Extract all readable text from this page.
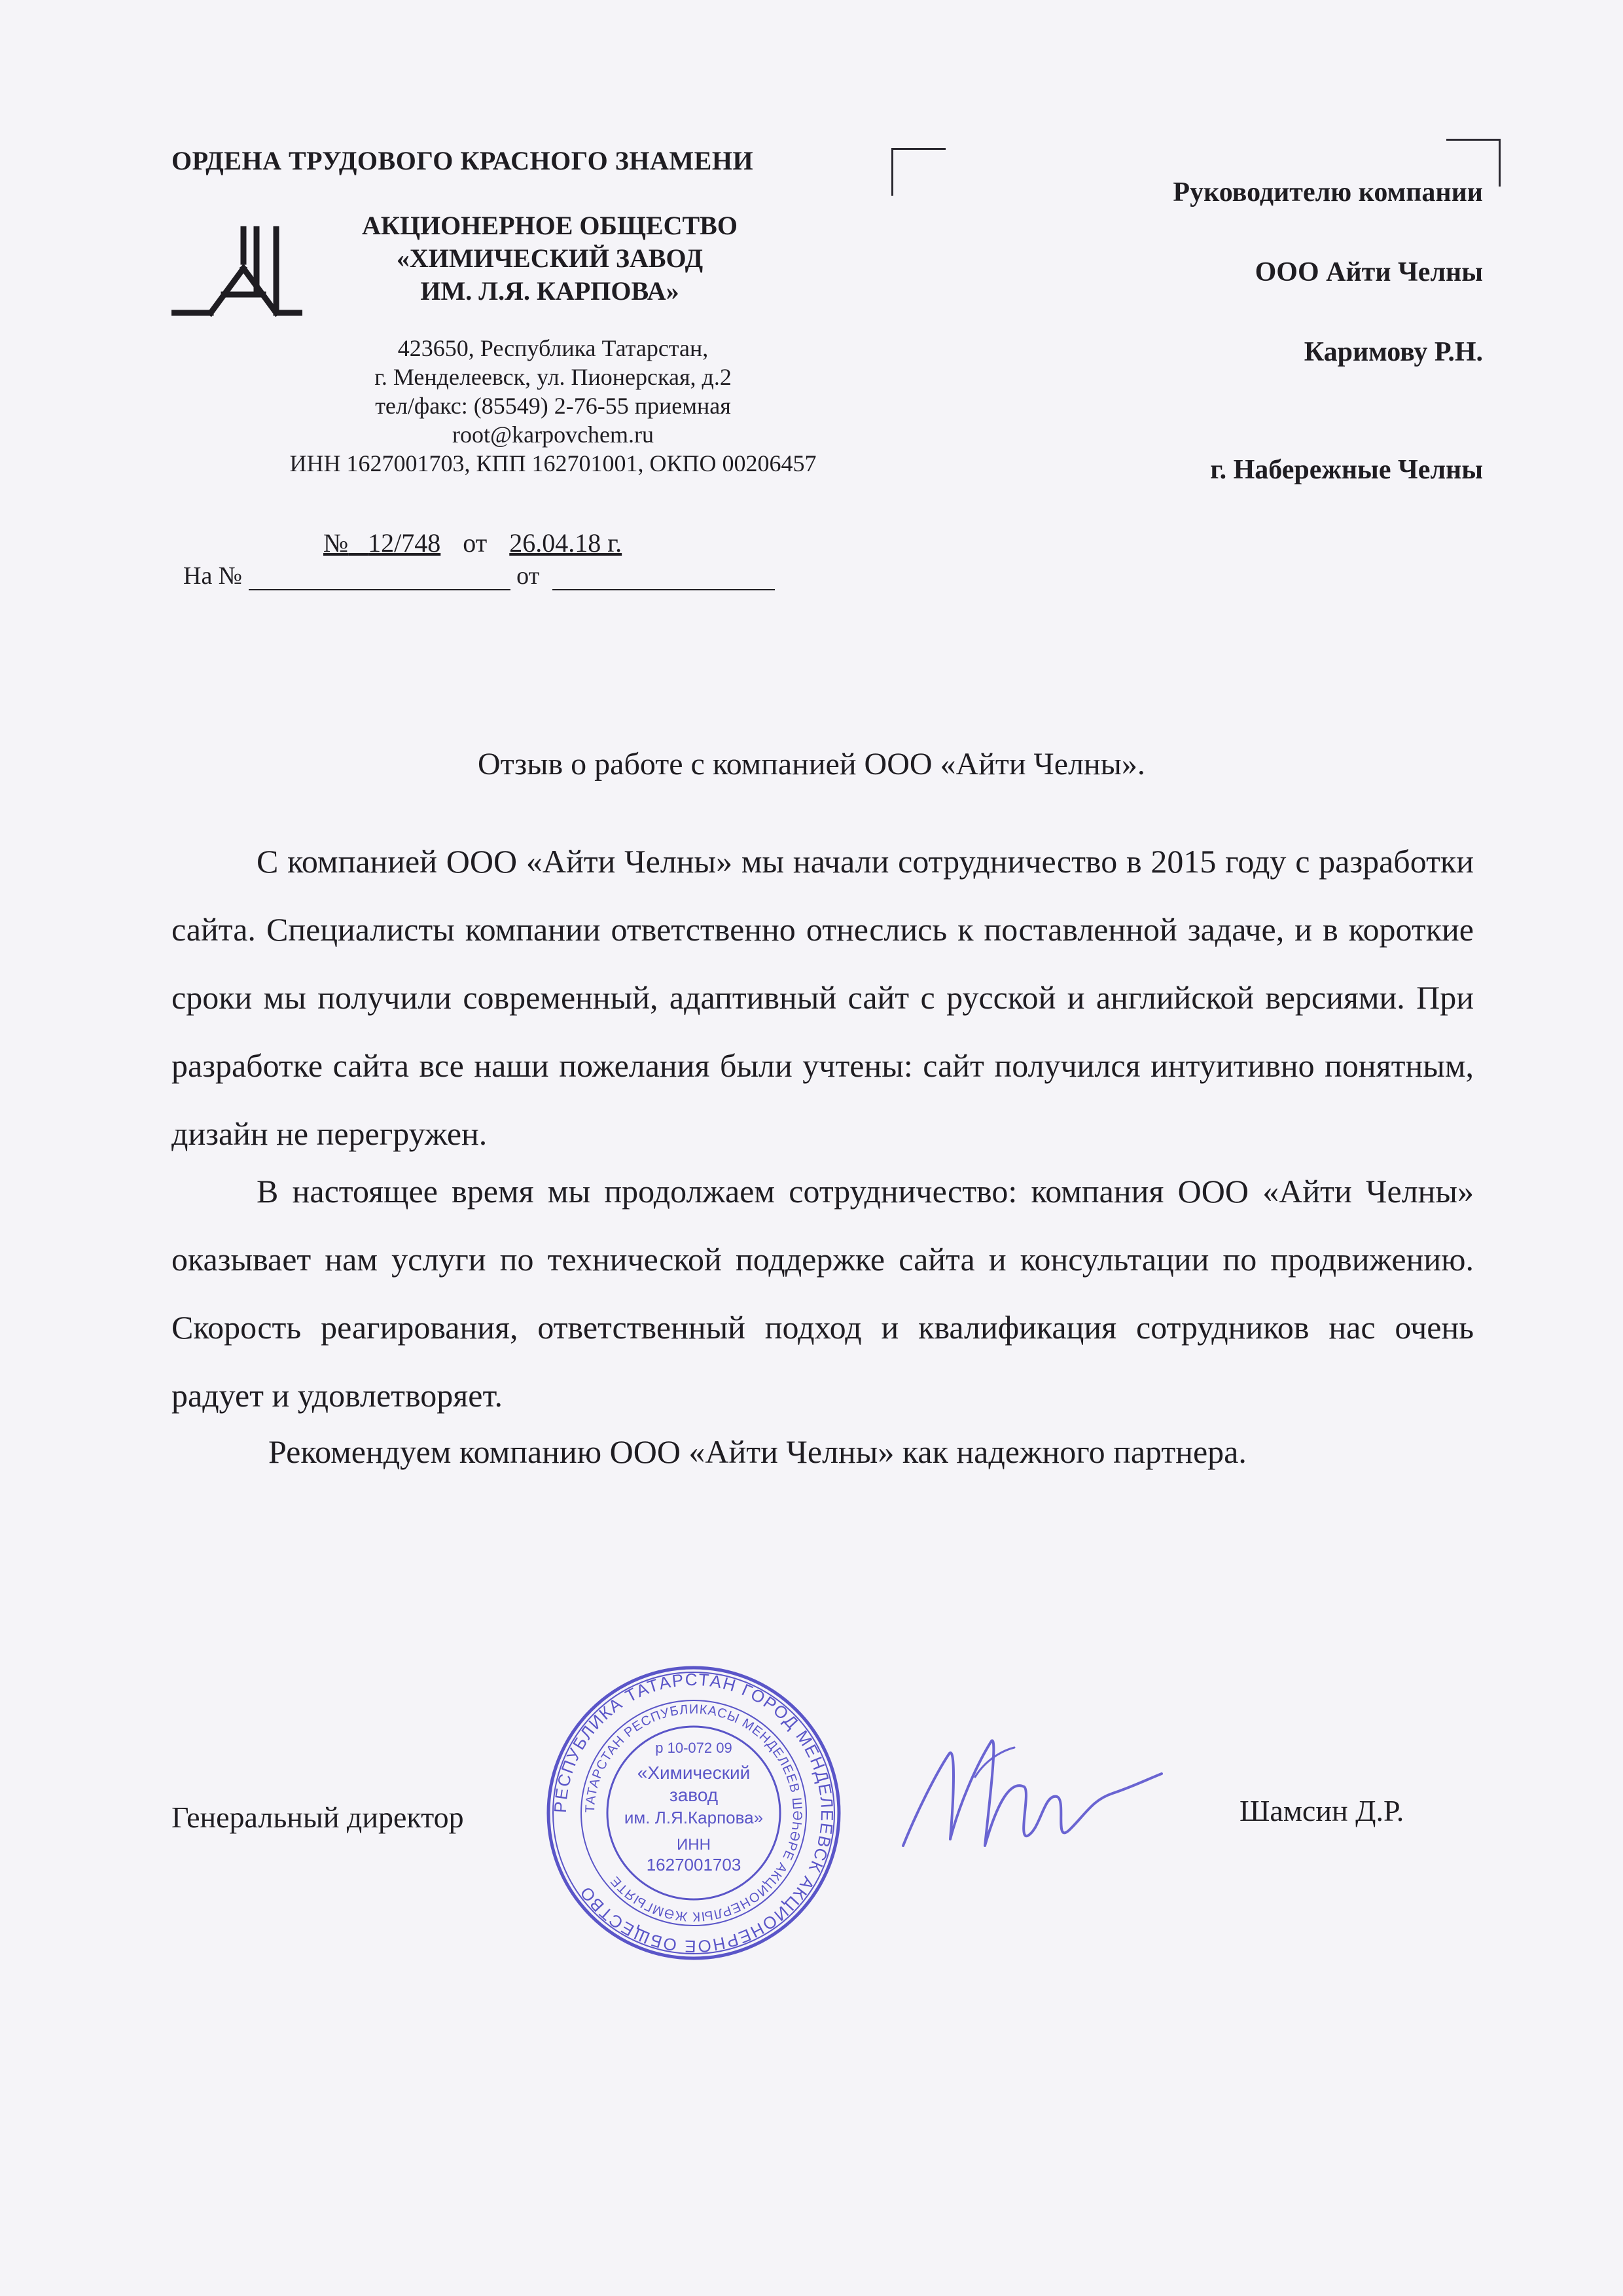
ОРДЕНА ТРУДОВОГО КРАСНОГО ЗНАМЕНИ
АКЦИОНЕРНОЕ ОБЩЕСТВО
«ХИМИЧЕСКИЙ ЗАВОД
ИМ. Л.Я. КАРПОВА»
423650, Республика Татарстан,
г. Менделеевск, ул. Пионерская, д.2
тел/факс: (85549) 2-76-55 приемная
root@karpovchem.ru
ИНН 1627001703, КПП 162701001, ОКПО 00206457
№ 12/748 от 26.04.18 г.
На №	от
Руководителю компании
ООО Айти Челны
Каримову Р.Н.
г. Набережные Челны
Отзыв о работе с компанией ООО «Айти Челны».
С компанией ООО «Айти Челны» мы начали сотрудничество в 2015 году с разработки сайта. Специалисты компании ответственно отнеслись к поставленной задаче, и в короткие сроки мы получили современный, адаптивный сайт с русской и английской версиями. При разработке сайта все наши пожелания были учтены: сайт получился интуитивно понятным, дизайн не перегружен.
В настоящее время мы продолжаем сотрудничество: компания ООО «Айти Челны» оказывает нам услуги по технической поддержке сайта и консультации по продвижению. Скорость реагирования, ответственный подход и квалификация сотрудников нас очень радует и удовлетворяет.
Рекомендуем компанию ООО «Айти Челны» как надежного партнера.
Генеральный директор	Шамсин Д.Р.
РЕСПУБЛИКА ТАТАРСТАН ГОРОД МЕНДЕЛЕЕВСК АКЦИОНЕРНОЕ ОБЩЕСТВО
ТАТАРСТАН РЕСПУБЛИКАСЫ МЕНДЕЛЕЕВ ШӘҺӘРЕ АКЦИОНЕРЛЫК ЖӘМГЫЯТЕ
р 10-072 09
«Химический
завод
им. Л.Я.Карпова»
ИНН
1627001703
